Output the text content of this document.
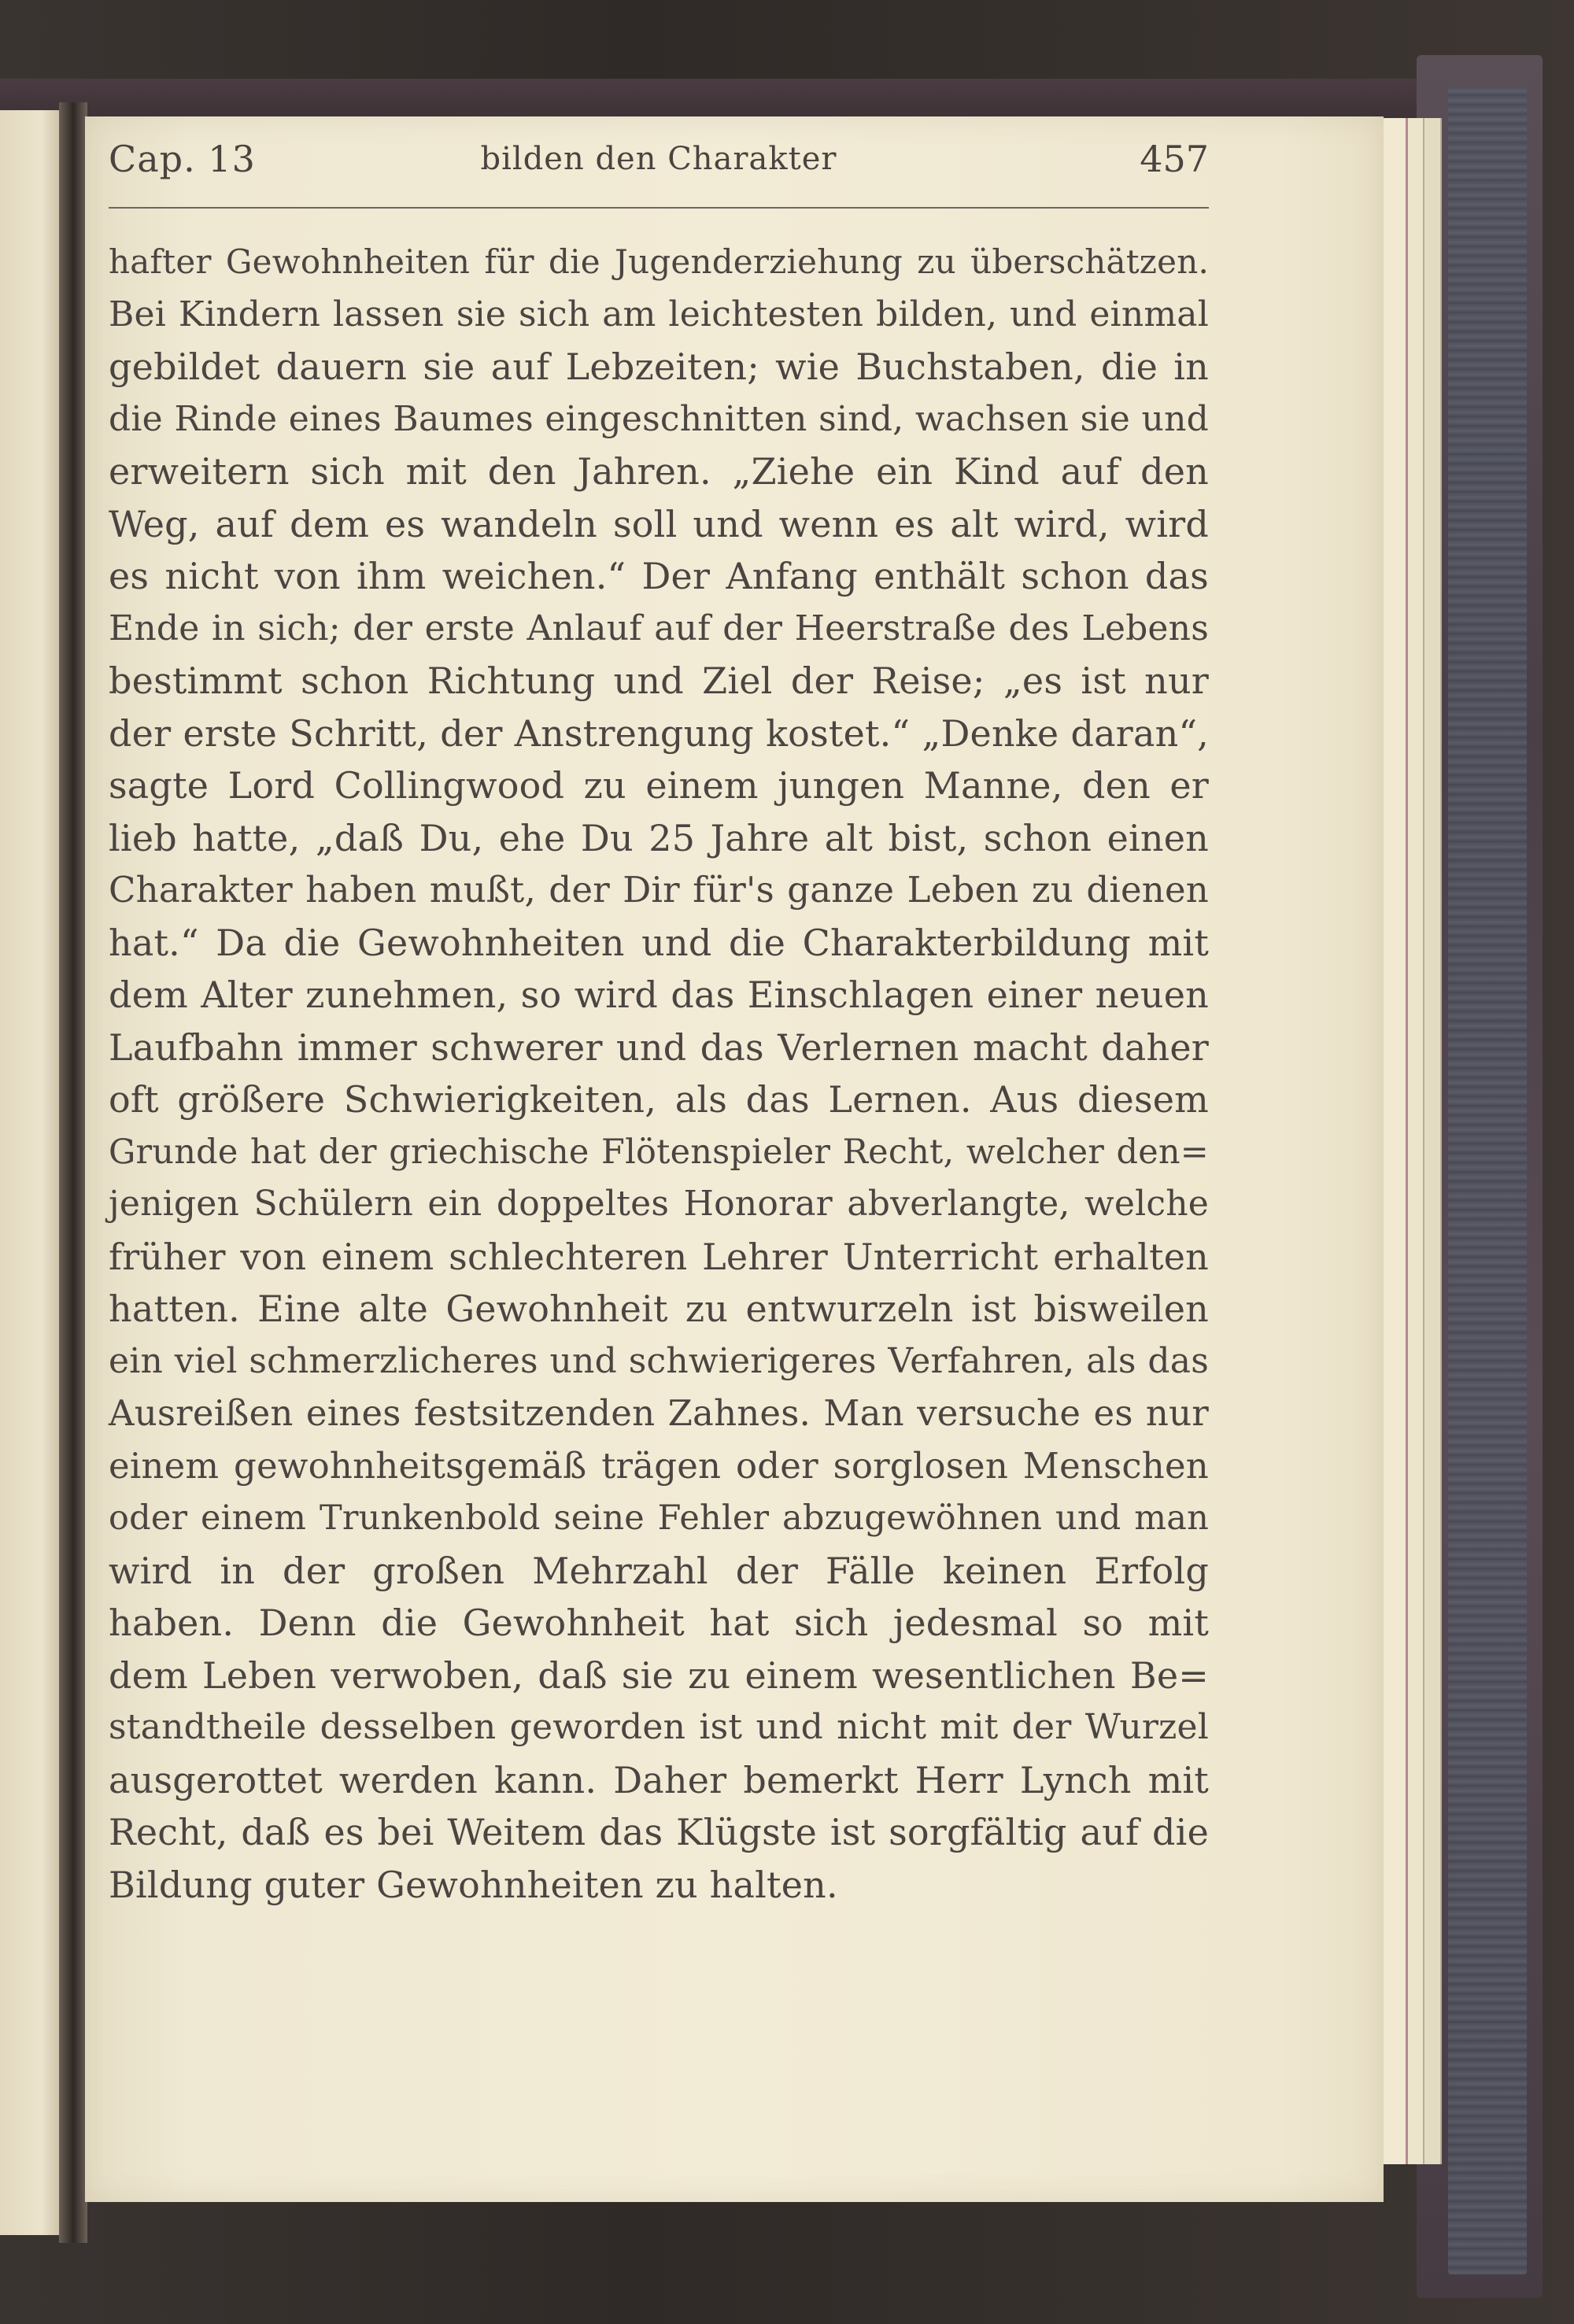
Cap. 13	bilden den Charakter	457
hafter Gewohnheiten für die Jugenderziehung zu überschätzen.
Bei Kindern lassen sie sich am leichtesten bilden, und einmal
gebildet dauern sie auf Lebzeiten; wie Buchstaben, die in
die Rinde eines Baumes eingeschnitten sind, wachsen sie und
erweitern sich mit den Jahren. „Ziehe ein Kind auf den
Weg, auf dem es wandeln soll und wenn es alt wird, wird
es nicht von ihm weichen.“ Der Anfang enthält schon das
Ende in sich; der erste Anlauf auf der Heerstraße des Lebens
bestimmt schon Richtung und Ziel der Reise; „es ist nur
der erste Schritt, der Anstrengung kostet.“ „Denke daran“,
sagte Lord Collingwood zu einem jungen Manne, den er
lieb hatte, „daß Du, ehe Du 25 Jahre alt bist, schon einen
Charakter haben mußt, der Dir für's ganze Leben zu dienen
hat.“ Da die Gewohnheiten und die Charakterbildung mit
dem Alter zunehmen, so wird das Einschlagen einer neuen
Laufbahn immer schwerer und das Verlernen macht daher
oft größere Schwierigkeiten, als das Lernen. Aus diesem
Grunde hat der griechische Flötenspieler Recht, welcher den=
jenigen Schülern ein doppeltes Honorar abverlangte, welche
früher von einem schlechteren Lehrer Unterricht erhalten
hatten. Eine alte Gewohnheit zu entwurzeln ist bisweilen
ein viel schmerzlicheres und schwierigeres Verfahren, als das
Ausreißen eines festsitzenden Zahnes. Man versuche es nur
einem gewohnheitsgemäß trägen oder sorglosen Menschen
oder einem Trunkenbold seine Fehler abzugewöhnen und man
wird in der großen Mehrzahl der Fälle keinen Erfolg
haben. Denn die Gewohnheit hat sich jedesmal so mit
dem Leben verwoben, daß sie zu einem wesentlichen Be=
standtheile desselben geworden ist und nicht mit der Wurzel
ausgerottet werden kann. Daher bemerkt Herr Lynch mit
Recht, daß es bei Weitem das Klügste ist sorgfältig auf die
Bildung guter Gewohnheiten zu halten.
